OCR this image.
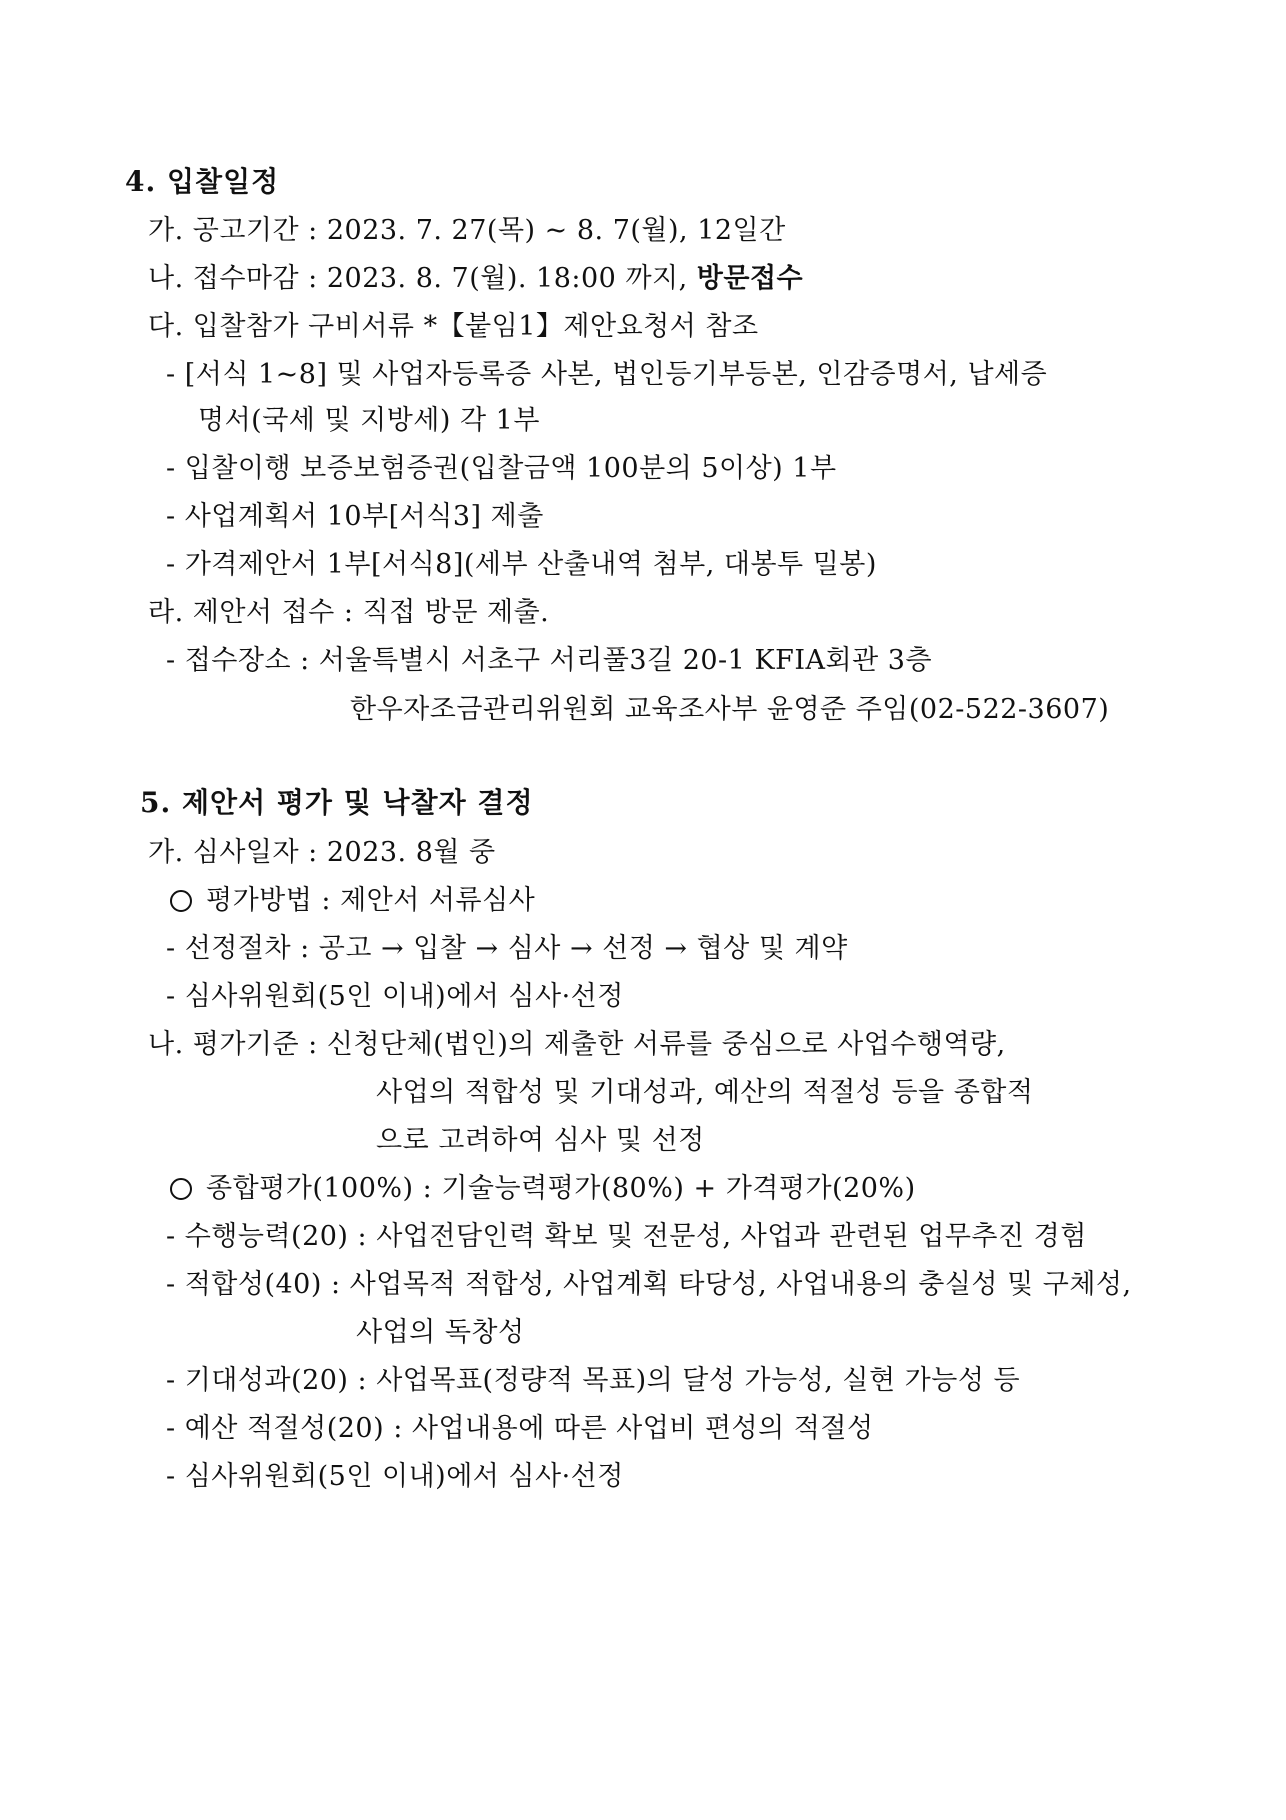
4. 입찰일정
가. 공고기간 : 2023. 7. 27(목) ~ 8. 7(월), 12일간
나. 접수마감 : 2023. 8. 7(월). 18:00 까지, 방문접수
다. 입찰참가 구비서류 *【붙임1】제안요청서 참조
- [서식 1~8] 및 사업자등록증 사본, 법인등기부등본, 인감증명서, 납세증
명서(국세 및 지방세) 각 1부
- 입찰이행 보증보험증권(입찰금액 100분의 5이상) 1부
- 사업계획서 10부[서식3] 제출
- 가격제안서 1부[서식8](세부 산출내역 첨부, 대봉투 밀봉)
라. 제안서 접수 : 직접 방문 제출.
- 접수장소 : 서울특별시 서초구 서리풀3길 20-1 KFIA회관 3층
한우자조금관리위원회 교육조사부 윤영준 주임(02-522-3607)
5. 제안서 평가 및 낙찰자 결정
가. 심사일자 : 2023. 8월 중
평가방법 : 제안서 서류심사
- 선정절차 : 공고 → 입찰 → 심사 → 선정 → 협상 및 계약
- 심사위원회(5인 이내)에서 심사·선정
나. 평가기준 : 신청단체(법인)의 제출한 서류를 중심으로 사업수행역량,
사업의 적합성 및 기대성과, 예산의 적절성 등을 종합적
으로 고려하여 심사 및 선정
종합평가(100%) : 기술능력평가(80%) + 가격평가(20%)
- 수행능력(20) : 사업전담인력 확보 및 전문성, 사업과 관련된 업무추진 경험
- 적합성(40) : 사업목적 적합성, 사업계획 타당성, 사업내용의 충실성 및 구체성,
사업의 독창성
- 기대성과(20) : 사업목표(정량적 목표)의 달성 가능성, 실현 가능성 등
- 예산 적절성(20) : 사업내용에 따른 사업비 편성의 적절성
- 심사위원회(5인 이내)에서 심사·선정
